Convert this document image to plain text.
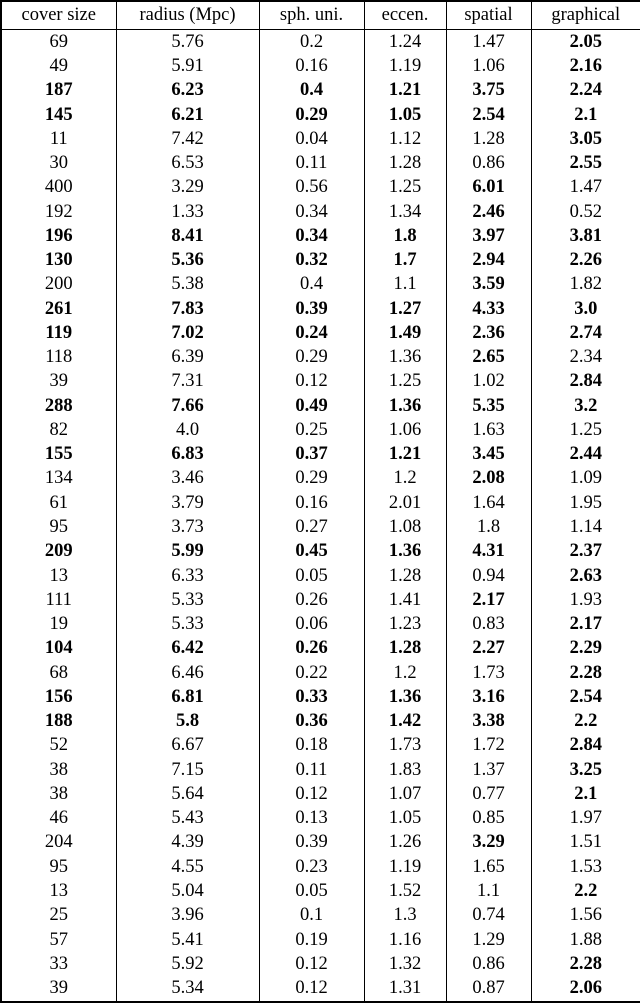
cover size	radius (Mpc)	sph. uni.	eccen.	spatial	graphical
69	5.76	0.2	1.24	1.47	2.05
49	5.91	0.16	1.19	1.06	2.16
187	6.23	0.4	1.21	3.75	2.24
145	6.21	0.29	1.05	2.54	2.1
11	7.42	0.04	1.12	1.28	3.05
30	6.53	0.11	1.28	0.86	2.55
400	3.29	0.56	1.25	6.01	1.47
192	1.33	0.34	1.34	2.46	0.52
196	8.41	0.34	1.8	3.97	3.81
130	5.36	0.32	1.7	2.94	2.26
200	5.38	0.4	1.1	3.59	1.82
261	7.83	0.39	1.27	4.33	3.0
119	7.02	0.24	1.49	2.36	2.74
118	6.39	0.29	1.36	2.65	2.34
39	7.31	0.12	1.25	1.02	2.84
288	7.66	0.49	1.36	5.35	3.2
82	4.0	0.25	1.06	1.63	1.25
155	6.83	0.37	1.21	3.45	2.44
134	3.46	0.29	1.2	2.08	1.09
61	3.79	0.16	2.01	1.64	1.95
95	3.73	0.27	1.08	1.8	1.14
209	5.99	0.45	1.36	4.31	2.37
13	6.33	0.05	1.28	0.94	2.63
111	5.33	0.26	1.41	2.17	1.93
19	5.33	0.06	1.23	0.83	2.17
104	6.42	0.26	1.28	2.27	2.29
68	6.46	0.22	1.2	1.73	2.28
156	6.81	0.33	1.36	3.16	2.54
188	5.8	0.36	1.42	3.38	2.2
52	6.67	0.18	1.73	1.72	2.84
38	7.15	0.11	1.83	1.37	3.25
38	5.64	0.12	1.07	0.77	2.1
46	5.43	0.13	1.05	0.85	1.97
204	4.39	0.39	1.26	3.29	1.51
95	4.55	0.23	1.19	1.65	1.53
13	5.04	0.05	1.52	1.1	2.2
25	3.96	0.1	1.3	0.74	1.56
57	5.41	0.19	1.16	1.29	1.88
33	5.92	0.12	1.32	0.86	2.28
39	5.34	0.12	1.31	0.87	2.06
